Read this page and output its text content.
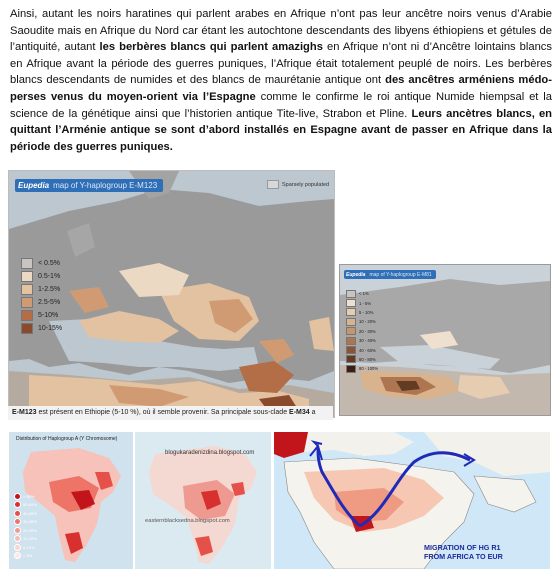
Ainsi, autant les noirs haratines qui parlent arabes en Afrique n’ont pas leur ancêtre noirs venus d’Arabie Saoudite mais en Afrique du Nord car étant les autochtone descendants des libyens éthiopiens et gétules de l’antiquité, autant les berbères blancs qui parlent amazighs en Afrique n’ont ni d’Ancêtre lointains blancs en Afrique avant la période des guerres puniques, l’Afrique était totalement peuplé de noirs. Les berbères blancs descendants de numides et des blancs de maurétanie antique ont des ancêtres arméniens médo-perses venus du moyen-orient via l’Espagne comme le confirme le roi antique Numide hiempsal et la science de la génétique ainsi que l’historien antique Tite-live, Strabon et Pline. Leurs ancètres blancs, en quittant l’Arménie antique se sont d’abord installés en Espagne avant de passer en Afrique dans la période des guerres puniques.

Eupedia map of Y-haplogroup E-M123	Sparsely populated
< 0.5%
0.5-1%
1-2.5%
2.5-5%
5-10%
10-15%
E-M123 est présent en Ethiopie (5-10 %), où il semble provenir. Sa principale sous-clade E-M34 a
Eupedia map of Y-haplogroup E-M81
< 1%
1 - 5%
5 - 10%
10 - 20%
20 - 30%
30 - 40%
40 - 60%
60 - 80%
80 - 100%
Distribution of Haplogroup A (Y Chromosome)
> 60%
50-60%
40-50%
30-40%
20-30%
10-20%
5-10%
< 5%
blogukaradenizdina.blogspot.com
easternblacksedna.blogspot.com
MIGRATION OF HG R1
FROM AFRICA TO EUR
